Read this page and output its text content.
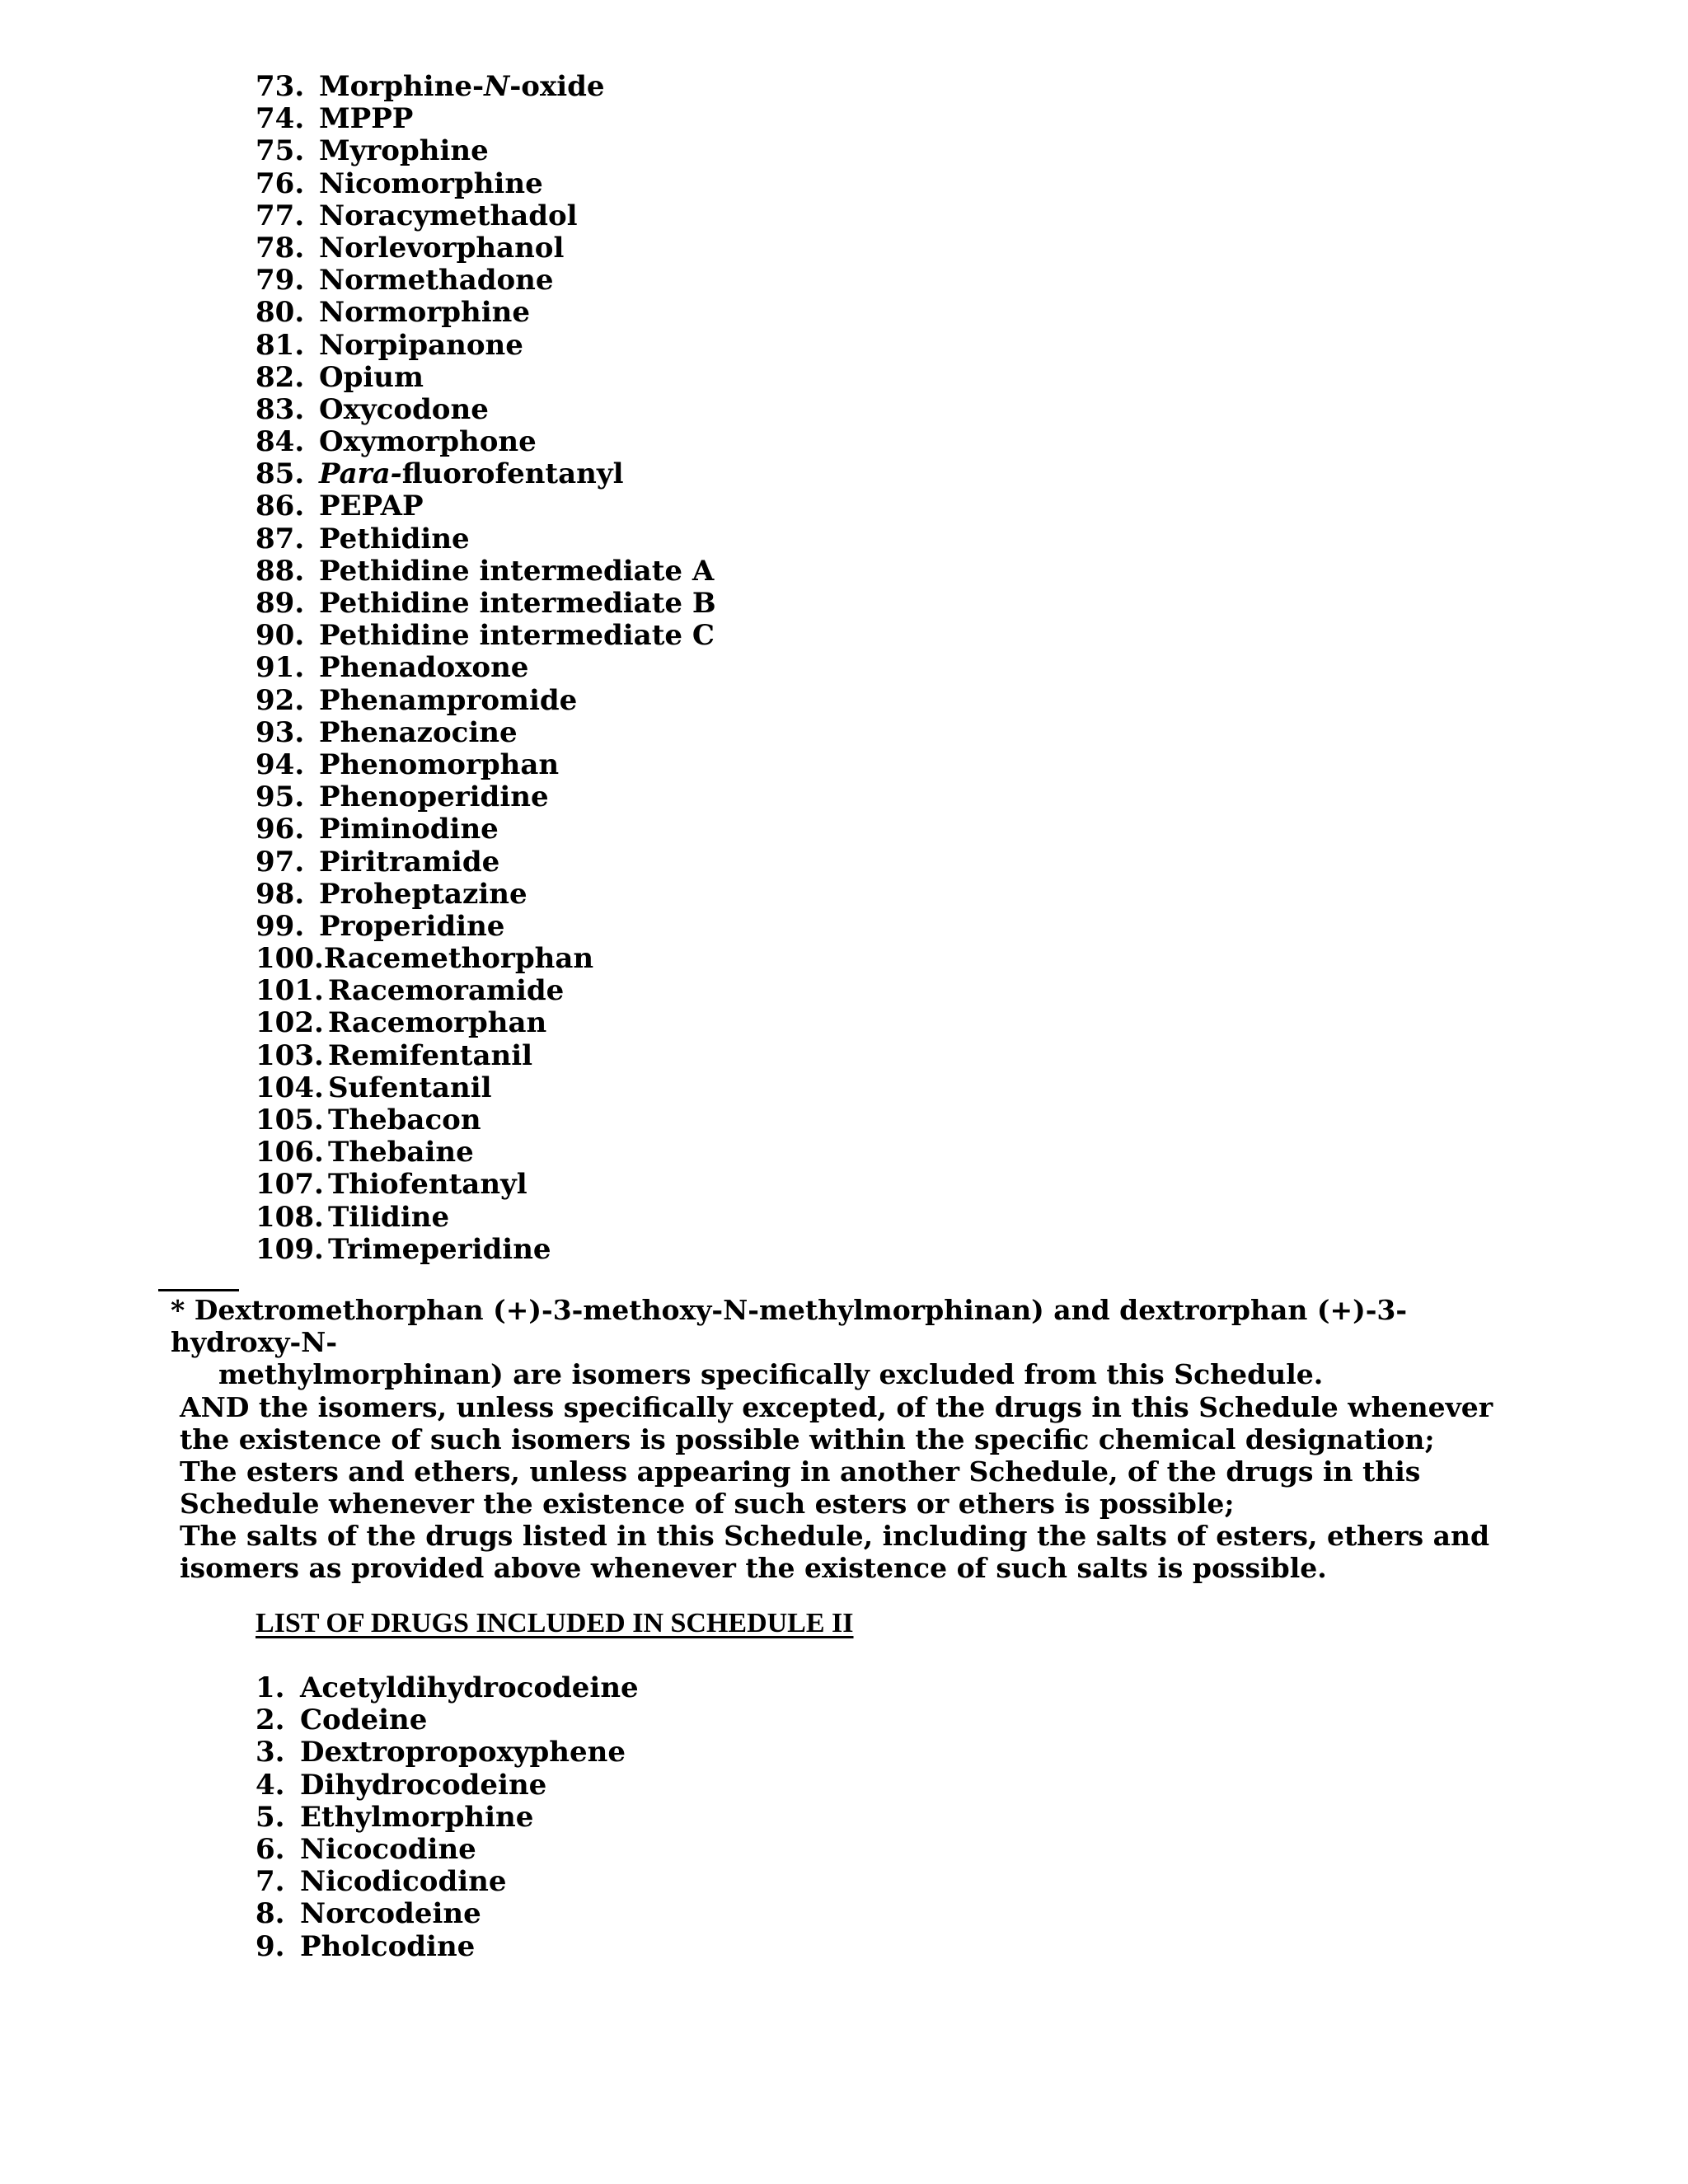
73. Morphine-N-oxide
74. MPPP
75. Myrophine
76. Nicomorphine
77. Noracymethadol
78. Norlevorphanol
79. Normethadone
80. Normorphine
81. Norpipanone
82. Opium
83. Oxycodone
84. Oxymorphone
85. Para-fluorofentanyl
86. PEPAP
87. Pethidine
88. Pethidine intermediate A
89. Pethidine intermediate B
90. Pethidine intermediate C
91. Phenadoxone
92. Phenampromide
93. Phenazocine
94. Phenomorphan
95. Phenoperidine
96. Piminodine
97. Piritramide
98. Proheptazine
99. Properidine
100.Racemethorphan
101. Racemoramide
102. Racemorphan
103. Remifentanil
104. Sufentanil
105. Thebacon
106. Thebaine
107. Thiofentanyl
108. Tilidine
109. Trimeperidine
* Dextromethorphan (+)-3-methoxy-N-methylmorphinan) and dextrorphan (+)-3-hydroxy-N-
methylmorphinan) are isomers specifically excluded from this Schedule.

AND the isomers, unless specifically excepted, of the drugs in this Schedule whenever the existence of such isomers is possible within the specific chemical designation;

The esters and ethers, unless appearing in another Schedule, of the drugs in this Schedule whenever the existence of such esters or ethers is possible;

The salts of the drugs listed in this Schedule, including the salts of esters, ethers and isomers as provided above whenever the existence of such salts is possible.

LIST OF DRUGS INCLUDED IN SCHEDULE II
1. Acetyldihydrocodeine
2. Codeine
3. Dextropropoxyphene
4. Dihydrocodeine
5. Ethylmorphine
6. Nicocodine
7. Nicodicodine
8. Norcodeine
9. Pholcodine
